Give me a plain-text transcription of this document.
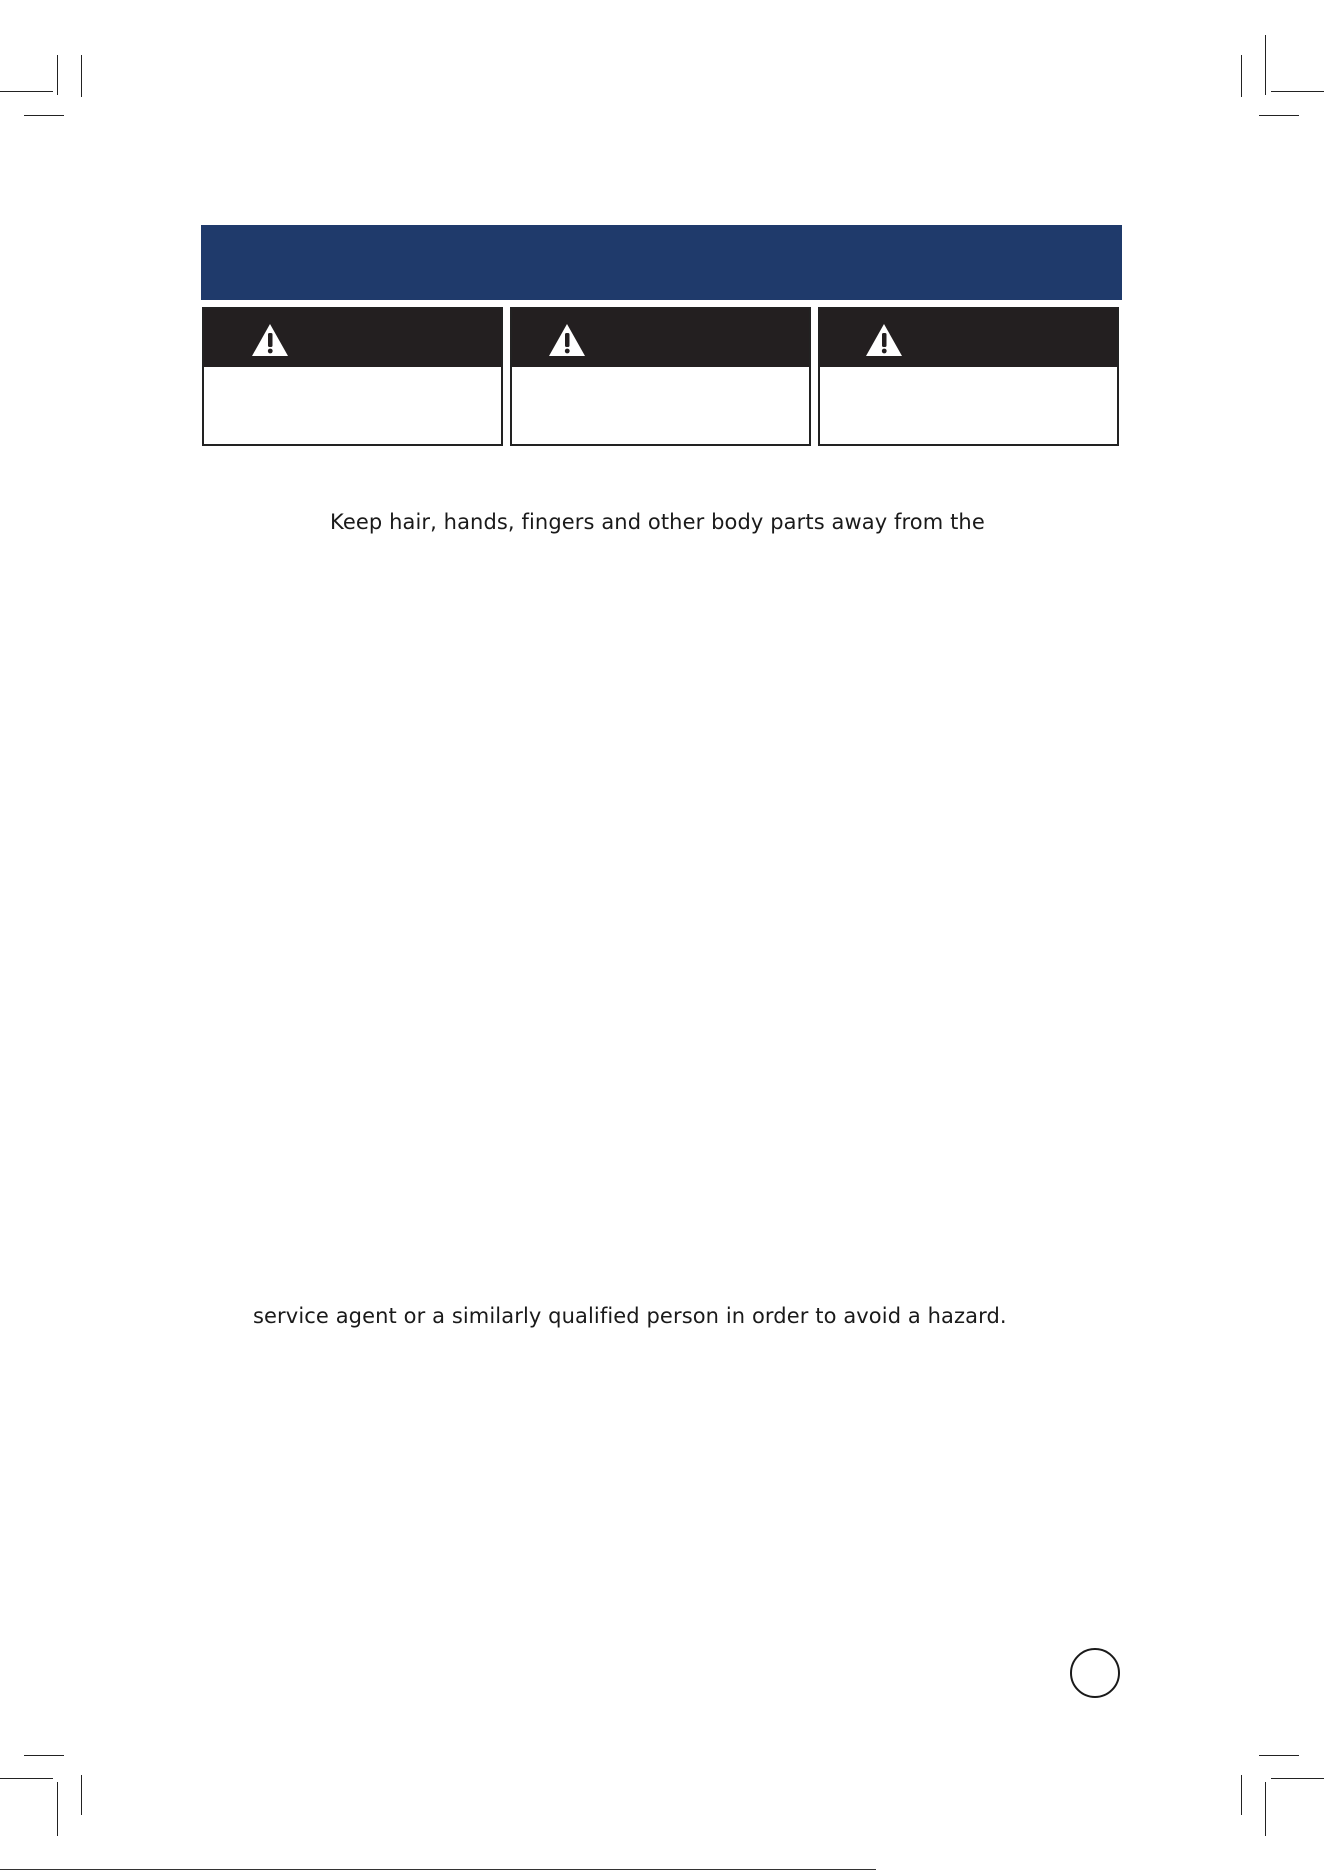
Keep hair, hands, fingers and other body parts away from the
service agent or a similarly qualified person in order to avoid a hazard.
